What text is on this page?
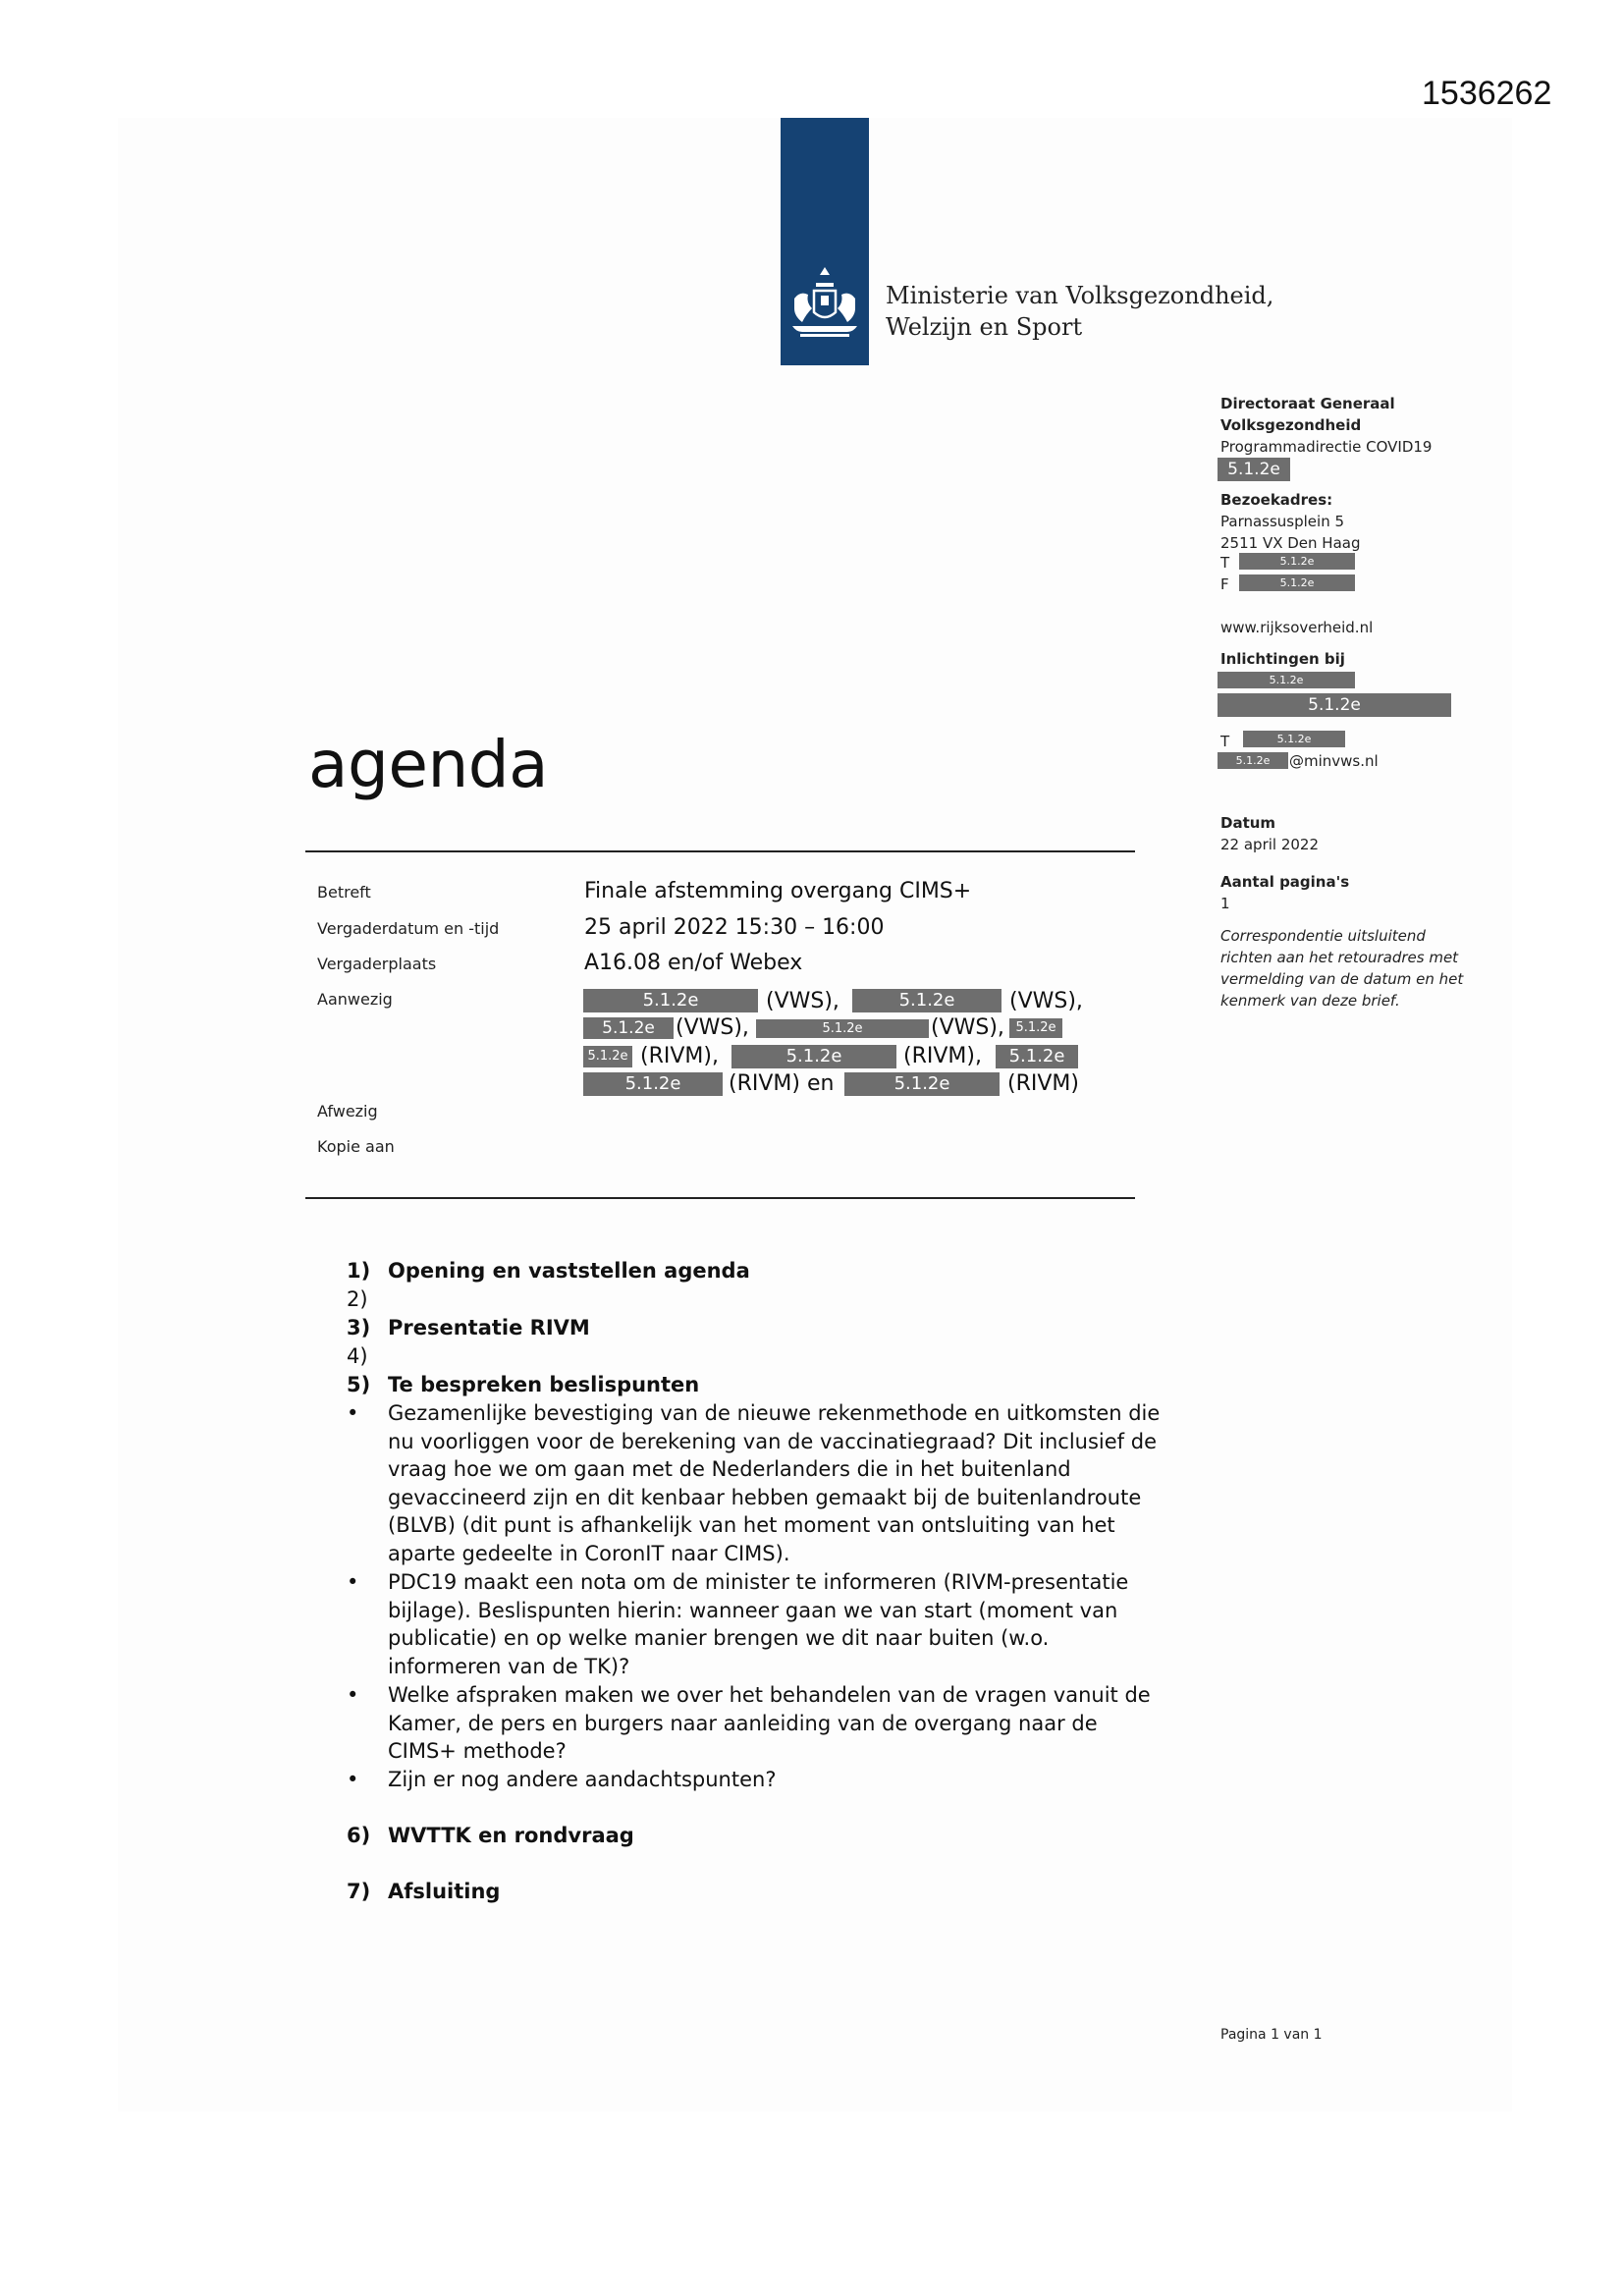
1536262
Ministerie van Volksgezondheid,
Welzijn en Sport
Directoraat Generaal
Volksgezondheid
Programmadirectie COVID19
5.1.2e
Bezoekadres:
Parnassusplein 5
2511 VX Den Haag
T	5.1.2e
F	5.1.2e
www.rijksoverheid.nl
Inlichtingen bij
5.1.2e
5.1.2e
T	5.1.2e
5.1.2e	@minvws.nl
Datum
22 april 2022
Aantal pagina's
1
Correspondentie uitsluitend richten aan het retouradres met vermelding van de datum en het kenmerk van deze brief.
agenda
Betreft	Finale afstemming overgang CIMS+
Vergaderdatum en -tijd	25 april 2022 15:30 – 16:00
Vergaderplaats	A16.08 en/of Webex
Aanwezig	5.1.2e	(VWS),	5.1.2e	(VWS),
5.1.2e (VWS),	5.1.2e	(VWS), 5.1.2e
5.1.2e (RIVM),	5.1.2e	(RIVM),	5.1.2e
5.1.2e	(RIVM) en	5.1.2e	(RIVM)
Afwezig
Kopie aan
1) Opening en vaststellen agenda
2)
3) Presentatie RIVM
4)
5) Te bespreken beslispunten
•	Gezamenlijke bevestiging van de nieuwe rekenmethode en uitkomsten die
nu voorliggen voor de berekening van de vaccinatiegraad? Dit inclusief de
vraag hoe we om gaan met de Nederlanders die in het buitenland
gevaccineerd zijn en dit kenbaar hebben gemaakt bij de buitenlandroute
(BLVB) (dit punt is afhankelijk van het moment van ontsluiting van het
aparte gedeelte in CoronIT naar CIMS).
•	PDC19 maakt een nota om de minister te informeren (RIVM-presentatie
bijlage). Beslispunten hierin: wanneer gaan we van start (moment van
publicatie) en op welke manier brengen we dit naar buiten (w.o.
informeren van de TK)?
•	Welke afspraken maken we over het behandelen van de vragen vanuit de
Kamer, de pers en burgers naar aanleiding van de overgang naar de
CIMS+ methode?
•	Zijn er nog andere aandachtspunten?
6) WVTTK en rondvraag
7) Afsluiting
Pagina 1 van 1
